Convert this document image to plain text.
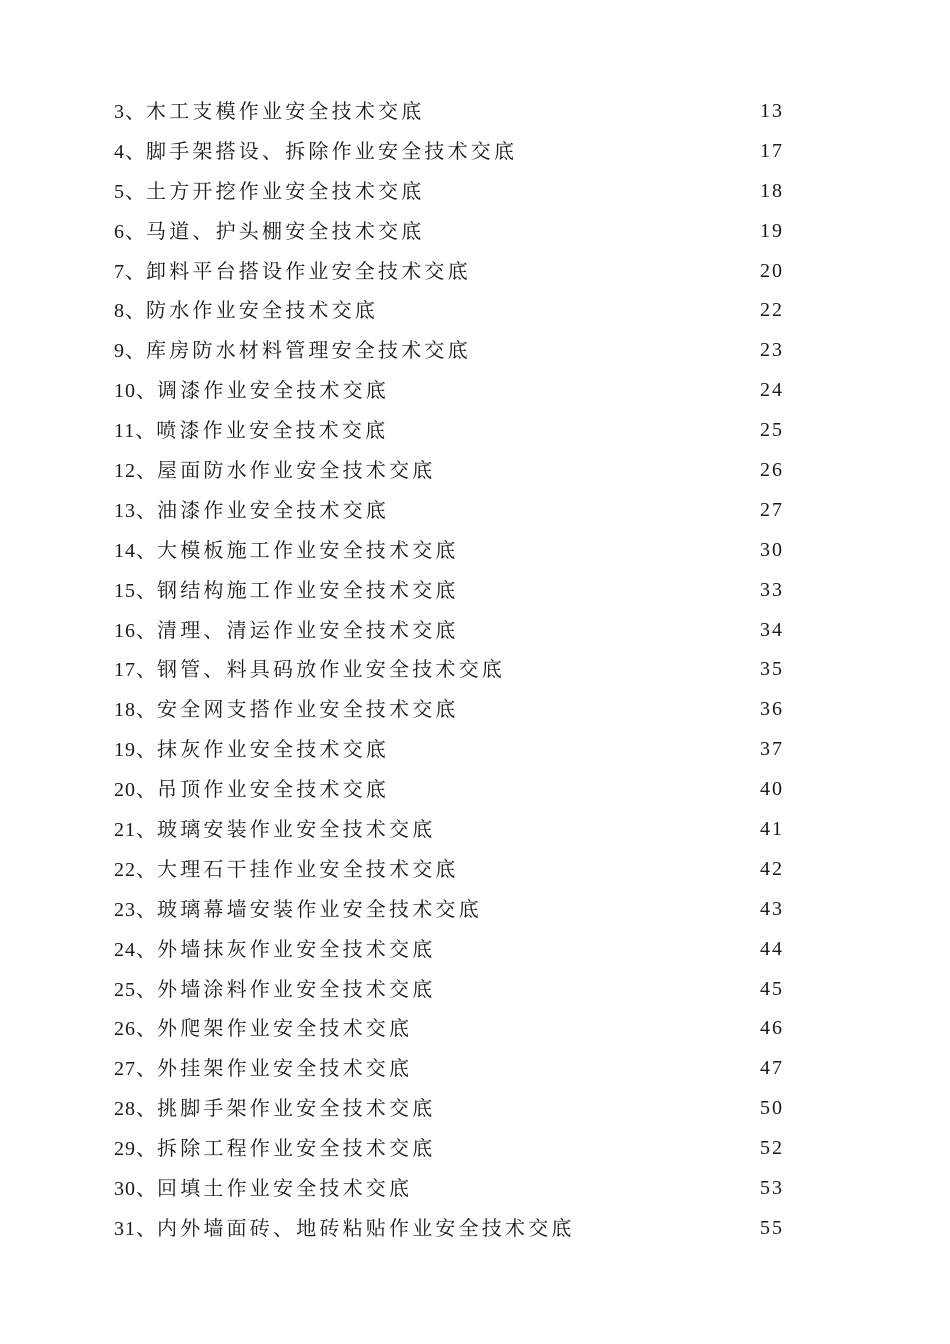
3、木工支模作业安全技术交底	13
4、脚手架搭设、拆除作业安全技术交底	17
5、土方开挖作业安全技术交底	18
6、马道、护头棚安全技术交底	19
7、卸料平台搭设作业安全技术交底	20
8、防水作业安全技术交底	22
9、库房防水材料管理安全技术交底	23
10、调漆作业安全技术交底	24
11、喷漆作业安全技术交底	25
12、屋面防水作业安全技术交底	26
13、油漆作业安全技术交底	27
14、大模板施工作业安全技术交底	30
15、钢结构施工作业安全技术交底	33
16、清理、清运作业安全技术交底	34
17、钢管、料具码放作业安全技术交底	35
18、安全网支搭作业安全技术交底	36
19、抹灰作业安全技术交底	37
20、吊顶作业安全技术交底	40
21、玻璃安装作业安全技术交底	41
22、大理石干挂作业安全技术交底	42
23、玻璃幕墙安装作业安全技术交底	43
24、外墙抹灰作业安全技术交底	44
25、外墙涂料作业安全技术交底	45
26、外爬架作业安全技术交底	46
27、外挂架作业安全技术交底	47
28、挑脚手架作业安全技术交底	50
29、拆除工程作业安全技术交底	52
30、回填土作业安全技术交底	53
31、内外墙面砖、地砖粘贴作业安全技术交底	55
